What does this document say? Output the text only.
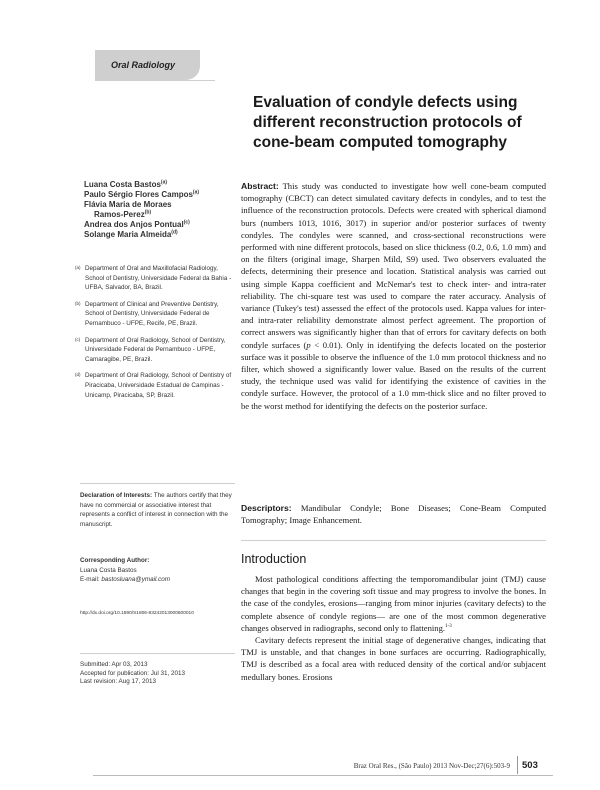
Oral Radiology
Evaluation of condyle defects using different reconstruction protocols of cone-beam computed tomography
Luana Costa Bastos$^{(a)}$
Paulo Sérgio Flores Campos$^{(a)}$
Flávia Maria de Moraes
Ramos-Perez$^{(b)}$
Andrea dos Anjos Pontual$^{(c)}$
Solange Maria Almeida$^{(d)}$
(a) Department of Oral and Maxillofacial Radiology, School of Dentistry, Universidade Federal da Bahia - UFBA, Salvador, BA, Brazil.
(b) Department of Clinical and Preventive Dentistry, School of Dentistry, Universidade Federal de Pernambuco - UFPE, Recife, PE, Brazil.
(c) Department of Oral Radiology, School of Dentistry, Universidade Federal de Pernambuco - UFPE, Camaragibe, PE, Brazil.
(d) Department of Oral Radiology, School of Dentistry of Piracicaba, Universidade Estadual de Campinas - Unicamp, Piracicaba, SP, Brazil.
Declaration of Interests: The authors certify that they have no commercial or associative interest that represents a conflict of interest in connection with the manuscript.
Corresponding Author:
Luana Costa Bastos
E-mail: bastosluana@ymail.com
http://dx.doi.org/10.1590/S1806-83242013000600010
Submitted: Apr 03, 2013
Accepted for publication: Jul 31, 2013
Last revision: Aug 17, 2013
Abstract: This study was conducted to investigate how well cone-beam computed tomography (CBCT) can detect simulated cavitary defects in condyles, and to test the influence of the reconstruction protocols. Defects were created with spherical diamond burs (numbers 1013, 1016, 3017) in superior and/or posterior surfaces of twenty condyles. The condyles were scanned, and cross-sectional reconstructions were performed with nine different protocols, based on slice thickness (0.2, 0.6, 1.0 mm) and on the filters (original image, Sharpen Mild, S9) used. Two observers evaluated the defects, determining their presence and location. Statistical analysis was carried out using simple Kappa coefficient and McNemar's test to check inter- and intra-rater reliability. The chi-square test was used to compare the rater accuracy. Analysis of variance (Tukey's test) assessed the effect of the protocols used. Kappa values for inter- and intra-rater reliability demonstrate almost perfect agreement. The proportion of correct answers was significantly higher than that of errors for cavitary defects on both condyle surfaces (p < 0.01). Only in identifying the defects located on the posterior surface was it possible to observe the influence of the 1.0 mm protocol thickness and no filter, which showed a significantly lower value. Based on the results of the current study, the technique used was valid for identifying the existence of cavities in the condyle surface. However, the protocol of a 1.0 mm-thick slice and no filter proved to be the worst method for identifying the defects on the posterior surface.
Descriptors: Mandibular Condyle; Bone Diseases; Cone-Beam Computed Tomography; Image Enhancement.
Introduction

Most pathological conditions affecting the temporomandibular joint (TMJ) cause changes that begin in the covering soft tissue and may progress to involve the bones. In the case of the condyles, erosions—ranging from minor injuries (cavitary defects) to the complete absence of condyle regions— are one of the most common degenerative changes observed in radiographs, second only to flattening.$^{1-3}$

Cavitary defects represent the initial stage of degenerative changes, indicating that TMJ is unstable, and that changes in bone surfaces are occurring. Radiographically, TMJ is described as a focal area with reduced density of the cortical and/or subjacent medullary bones. Erosions

Braz Oral Res., (São Paulo) 2013 Nov-Dec;27(6):503-9 503
